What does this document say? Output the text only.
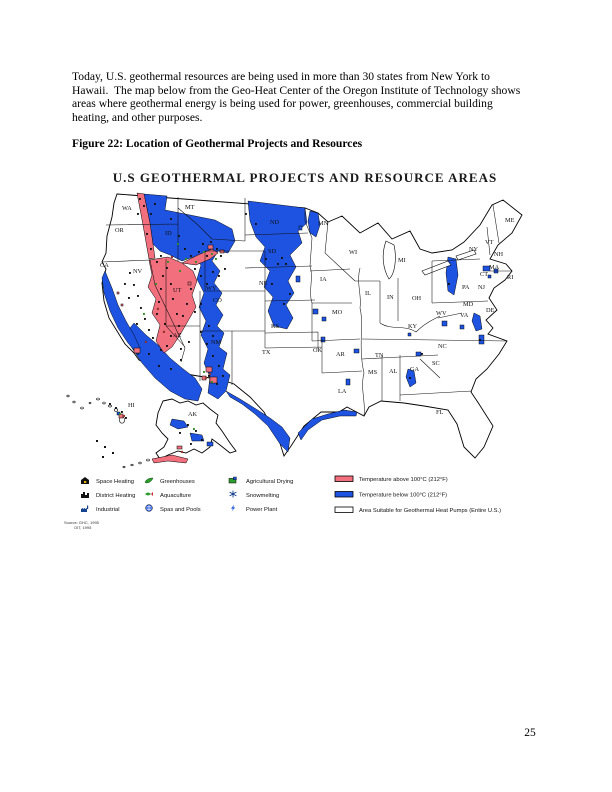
Today, U.S. geothermal resources are being used in more than 30 states from New York to
Hawaii.  The map below from the Geo-Heat Center of the Oregon Institute of Technology shows
areas where geothermal energy is being used for power, greenhouses, commercial building
heating, and other purposes.
Figure 22: Location of Geothermal Projects and Resources
U.S GEOTHERMAL PROJECTS AND RESOURCE AREAS
WA
OR
CA
NV
ID
MT
WY
UT
CO
AZ
NM
ND
SD
NE
KS
OK
TX
MN
IA
MO
AR
LA
WI
IL
IN	OH
MI
KY
TN
MS AL GA
SC
NC
FL
VA
WV
PA
NY
NJ
DE
MD
VT
NH
MA
RI
CT
ME
HI
AK
Space Heating
District Heating
Industrial
Greenhouses
Aquaculture
Spas and Pools
Agricultural Drying
Snowmelting
Power Plant
Temperature above 100°C (212°F)
Temperature below 100°C (212°F)
Area Suitable for Geothermal Heat Pumps (Entire U.S.)
Source: GHC, 1995
OIT, 1995
25
